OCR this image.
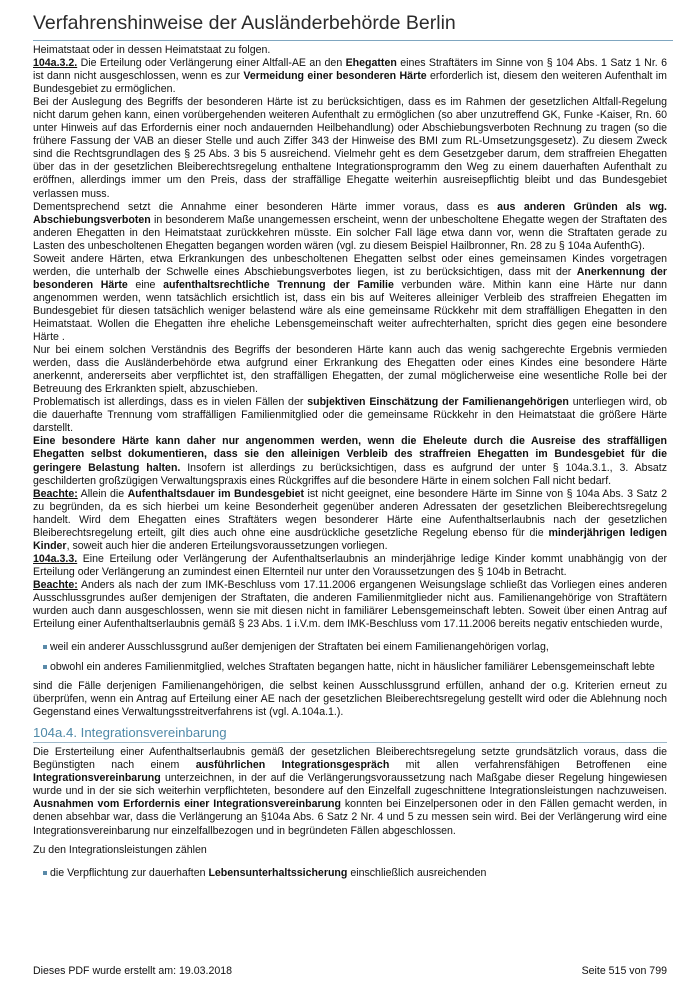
Verfahrenshinweise der Ausländerbehörde Berlin

Heimatstaat oder in dessen Heimatstaat zu folgen.

104a.3.2. Die Erteilung oder Verlängerung einer Altfall-AE an den Ehegatten eines Straftäters im Sinne von § 104 Abs. 1 Satz 1 Nr. 6 ist dann nicht ausgeschlossen, wenn es zur Vermeidung einer besonderen Härte erforderlich ist, diesem den weiteren Aufenthalt im Bundesgebiet zu ermöglichen.

Bei der Auslegung des Begriffs der besonderen Härte ist zu berücksichtigen, dass es im Rahmen der gesetzlichen Altfall-Regelung nicht darum gehen kann, einen vorübergehenden weiteren Aufenthalt zu ermöglichen (so aber unzutreffend GK, Funke -Kaiser, Rn. 60 unter Hinweis auf das Erfordernis einer noch andauernden Heilbehandlung) oder Abschiebungsverboten Rechnung zu tragen (so die frühere Fassung der VAB an dieser Stelle und auch Ziffer 343 der Hinweise des BMI zum RL-Umsetzungsgesetz). Zu diesem Zweck sind die Rechtsgrundlagen des § 25 Abs. 3 bis 5 ausreichend. Vielmehr geht es dem Gesetzgeber darum, dem straffreien Ehegatten über das in der gesetzlichen Bleiberechtsregelung enthaltene Integrationsprogramm den Weg zu einem dauerhaften Aufenthalt zu eröffnen, allerdings immer um den Preis, dass der straffällige Ehegatte weiterhin ausreisepflichtig bleibt und das Bundesgebiet verlassen muss.

Dementsprechend setzt die Annahme einer besonderen Härte immer voraus, dass es aus anderen Gründen als wg. Abschiebungsverboten in besonderem Maße unangemessen erscheint, wenn der unbescholtene Ehegatte wegen der Straftaten des anderen Ehegatten in den Heimatstaat zurückkehren müsste. Ein solcher Fall läge etwa dann vor, wenn die Straftaten gerade zu Lasten des unbescholtenen Ehegatten begangen worden wären (vgl. zu diesem Beispiel Hailbronner, Rn. 28 zu § 104a AufenthG).

Soweit andere Härten, etwa Erkrankungen des unbescholtenen Ehegatten selbst oder eines gemeinsamen Kindes vorgetragen werden, die unterhalb der Schwelle eines Abschiebungsverbotes liegen, ist zu berücksichtigen, dass mit der Anerkennung der besonderen Härte eine aufenthaltsrechtliche Trennung der Familie verbunden wäre. Mithin kann eine Härte nur dann angenommen werden, wenn tatsächlich ersichtlich ist, dass ein bis auf Weiteres alleiniger Verbleib des straffreien Ehegatten im Bundesgebiet für diesen tatsächlich weniger belastend wäre als eine gemeinsame Rückkehr mit dem straffälligen Ehegatten in den Heimatstaat. Wollen die Ehegatten ihre eheliche Lebensgemeinschaft weiter aufrechterhalten, spricht dies gegen eine besondere Härte .

Nur bei einem solchen Verständnis des Begriffs der besonderen Härte kann auch das wenig sachgerechte Ergebnis vermieden werden, dass die Ausländerbehörde etwa aufgrund einer Erkrankung des Ehegatten oder eines Kindes eine besondere Härte anerkennt, andererseits aber verpflichtet ist, den straffälligen Ehegatten, der zumal möglicherweise eine wesentliche Rolle bei der Betreuung des Erkrankten spielt, abzuschieben.

Problematisch ist allerdings, dass es in vielen Fällen der subjektiven Einschätzung der Familienangehörigen unterliegen wird, ob die dauerhafte Trennung vom straffälligen Familienmitglied oder die gemeinsame Rückkehr in den Heimatstaat die größere Härte darstellt.

Eine besondere Härte kann daher nur angenommen werden, wenn die Eheleute durch die Ausreise des straffälligen Ehegatten selbst dokumentieren, dass sie den alleinigen Verbleib des straffreien Ehegatten im Bundesgebiet für die geringere Belastung halten. Insofern ist allerdings zu berücksichtigen, dass es aufgrund der unter § 104a.3.1., 3. Absatz geschilderten großzügigen Verwaltungspraxis eines Rückgriffes auf die besondere Härte in einem solchen Fall nicht bedarf.

Beachte: Allein die Aufenthaltsdauer im Bundesgebiet ist nicht geeignet, eine besondere Härte im Sinne von § 104a Abs. 3 Satz 2 zu begründen, da es sich hierbei um keine Besonderheit gegenüber anderen Adressaten der gesetzlichen Bleiberechtsregelung handelt. Wird dem Ehegatten eines Straftäters wegen besonderer Härte eine Aufenthaltserlaubnis nach der gesetzlichen Bleiberechtsregelung erteilt, gilt dies auch ohne eine ausdrückliche gesetzliche Regelung ebenso für die minderjährigen ledigen Kinder, soweit auch hier die anderen Erteilungsvoraussetzungen vorliegen.

104a.3.3. Eine Erteilung oder Verlängerung der Aufenthaltserlaubnis an minderjährige ledige Kinder kommt unabhängig von der Erteilung oder Verlängerung an zumindest einen Elternteil nur unter den Voraussetzungen des § 104b in Betracht.

Beachte: Anders als nach der zum IMK-Beschluss vom 17.11.2006 ergangenen Weisungslage schließt das Vorliegen eines anderen Ausschlussgrundes außer demjenigen der Straftaten, die anderen Familienmitglieder nicht aus. Familienangehörige von Straftätern wurden auch dann ausgeschlossen, wenn sie mit diesen nicht in familiärer Lebensgemeinschaft lebten. Soweit über einen Antrag auf Erteilung einer Aufenthaltserlaubnis gemäß § 23 Abs. 1 i.V.m. dem IMK-Beschluss vom 17.11.2006 bereits negativ entschieden wurde,

weil ein anderer Ausschlussgrund außer demjenigen der Straftaten bei einem Familienangehörigen vorlag,
obwohl ein anderes Familienmitglied, welches Straftaten begangen hatte, nicht in häuslicher familiärer Lebensgemeinschaft lebte

sind die Fälle derjenigen Familienangehörigen, die selbst keinen Ausschlussgrund erfüllen, anhand der o.g. Kriterien erneut zu überprüfen, wenn ein Antrag auf Erteilung einer AE nach der gesetzlichen Bleiberechtsregelung gestellt wird oder die Ablehnung noch Gegenstand eines Verwaltungsstreitverfahrens ist (vgl. A.104a.1.).

104a.4. Integrationsvereinbarung

Die Ersterteilung einer Aufenthaltserlaubnis gemäß der gesetzlichen Bleiberechtsregelung setzte grundsätzlich voraus, dass die Begünstigten nach einem ausführlichen Integrationsgespräch mit allen verfahrensfähigen Betroffenen eine Integrationsvereinbarung unterzeichnen, in der auf die Verlängerungsvoraussetzung nach Maßgabe dieser Regelung hingewiesen wurde und in der sie sich weiterhin verpflichteten, besondere auf den Einzelfall zugeschnittene Integrationsleistungen nachzuweisen. Ausnahmen vom Erfordernis einer Integrationsvereinbarung konnten bei Einzelpersonen oder in den Fällen gemacht werden, in denen absehbar war, dass die Verlängerung an §104a Abs. 6 Satz 2 Nr. 4 und 5 zu messen sein wird. Bei der Verlängerung wird eine Integrationsvereinbarung nur einzelfallbezogen und in begründeten Fällen abgeschlossen.

Zu den Integrationsleistungen zählen

die Verpflichtung zur dauerhaften Lebensunterhaltssicherung einschließlich ausreichenden
Dieses PDF wurde erstellt am: 19.03.2018	Seite 515 von 799
